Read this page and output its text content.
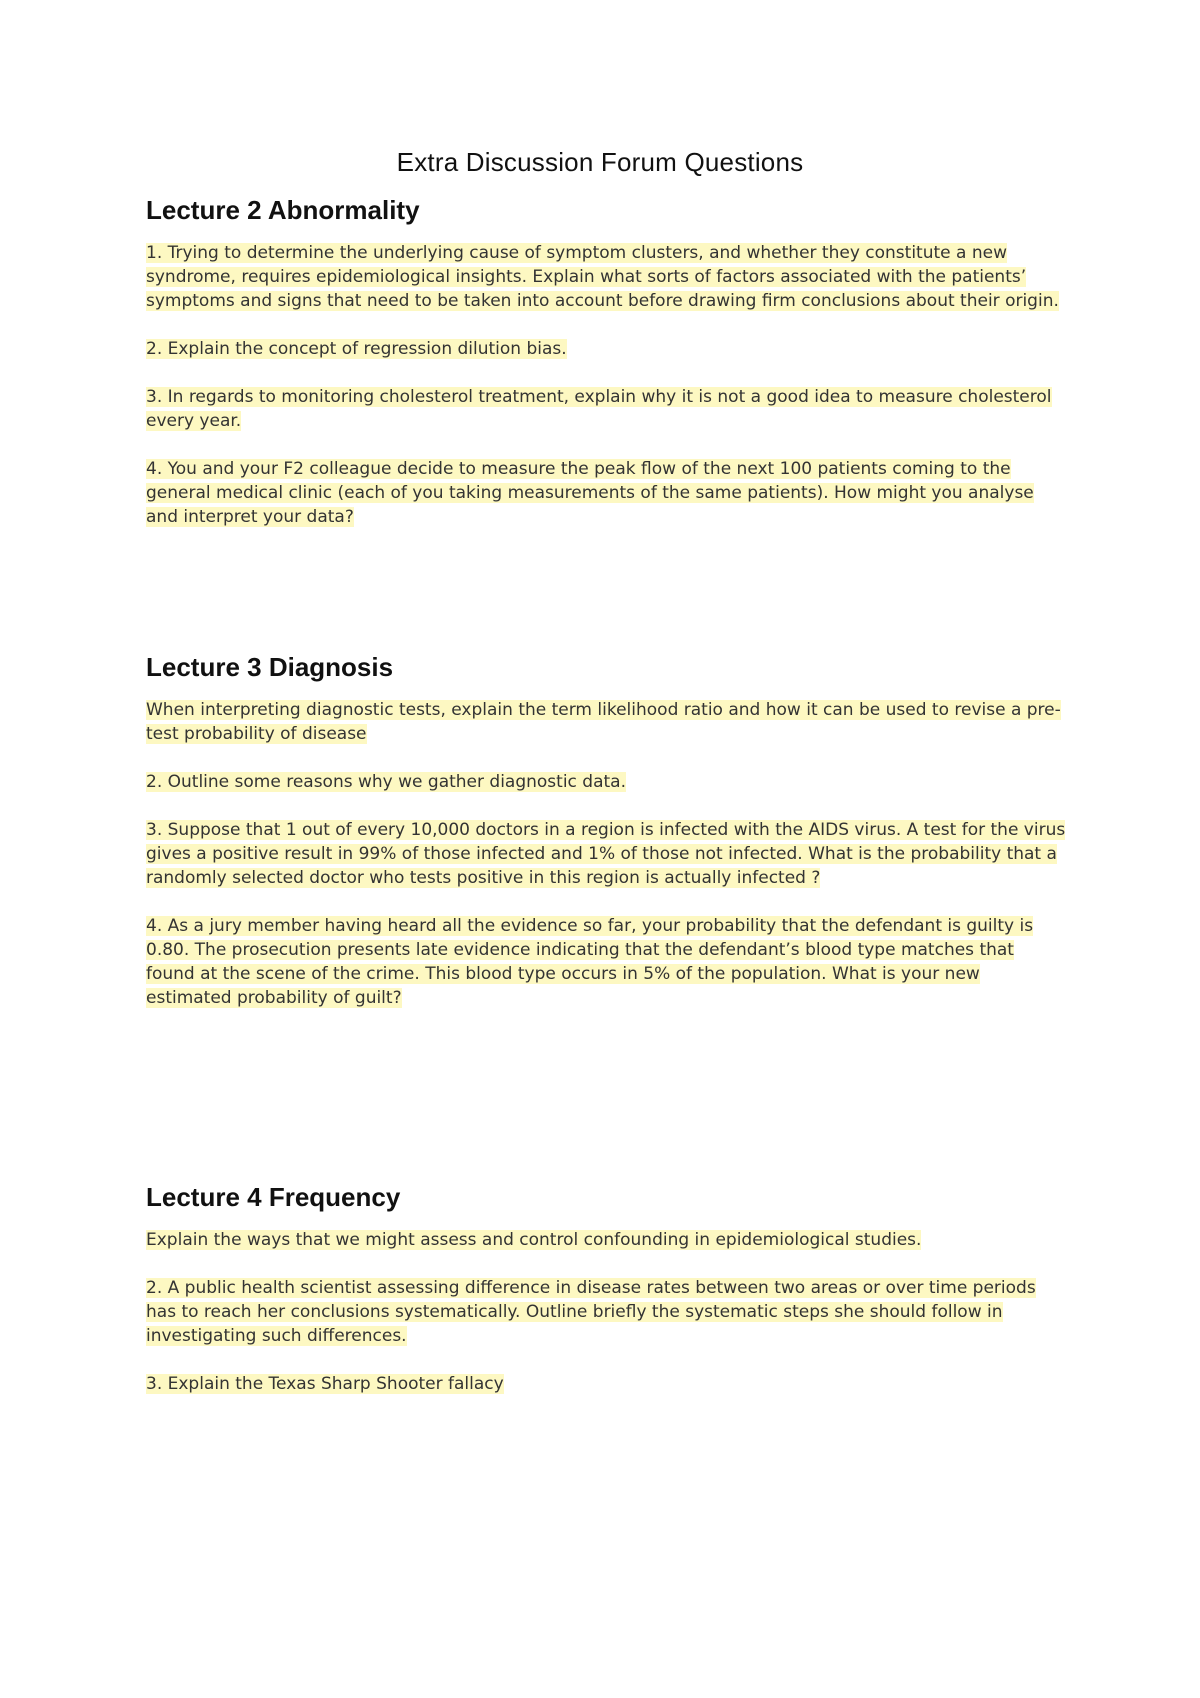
Extra Discussion Forum Questions
Lecture 2 Abnormality
1. Trying to determine the underlying cause of symptom clusters, and whether they constitute a new syndrome, requires epidemiological insights. Explain what sorts of factors associated with the patients’ symptoms and signs that need to be taken into account before drawing firm conclusions about their origin.
2. Explain the concept of regression dilution bias.
3. In regards to monitoring cholesterol treatment, explain why it is not a good idea to measure cholesterol every year.
4. You and your F2 colleague decide to measure the peak flow of the next 100 patients coming to the general medical clinic (each of you taking measurements of the same patients). How might you analyse and interpret your data?
Lecture 3 Diagnosis
When interpreting diagnostic tests, explain the term likelihood ratio and how it can be used to revise a pre-test probability of disease
2. Outline some reasons why we gather diagnostic data.
3. Suppose that 1 out of every 10,000 doctors in a region is infected with the AIDS virus. A test for the virus gives a positive result in 99% of those infected and 1% of those not infected. What is the probability that a randomly selected doctor who tests positive in this region is actually infected ?
4. As a jury member having heard all the evidence so far, your probability that the defendant is guilty is 0.80. The prosecution presents late evidence indicating that the defendant’s blood type matches that found at the scene of the crime. This blood type occurs in 5% of the population. What is your new estimated probability of guilt?
Lecture 4 Frequency
Explain the ways that we might assess and control confounding in epidemiological studies.
2. A public health scientist assessing difference in disease rates between two areas or over time periods has to reach her conclusions systematically. Outline briefly the systematic steps she should follow in investigating such differences.
3. Explain the Texas Sharp Shooter fallacy
